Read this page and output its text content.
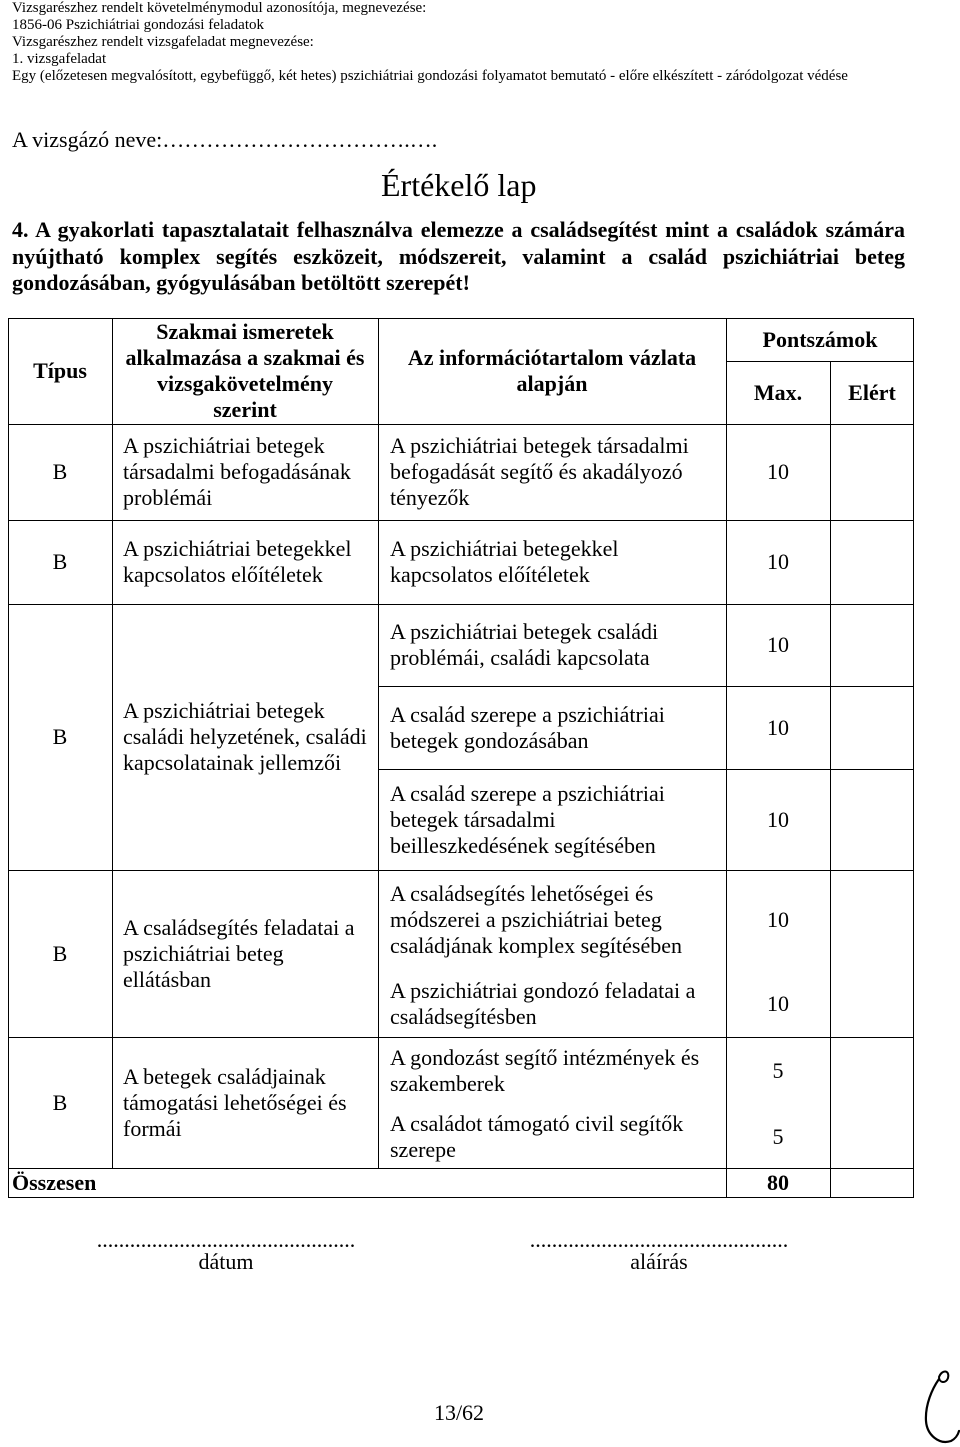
Vizsgarészhez rendelt követelménymodul azonosítója, megnevezése:
1856-06 Pszichiátriai gondozási feladatok
Vizsgarészhez rendelt vizsgafeladat megnevezése:
1. vizsgafeladat
Egy (előzetesen megvalósított, egybefüggő, két hetes) pszichiátriai gondozási folyamatot bemutató - előre elkészített - záródolgozat védése
A vizsgázó neve:…………………………….….
Értékelő lap
4. A gyakorlati tapasztalatait felhasználva elemezze a családsegítést mint a családok számára
nyújtható komplex segítés eszközeit, módszereit, valamint a család pszichiátriai beteg
gondozásában, gyógyulásában betöltött szerepét!
Típus
Szakmai ismeretek
alkalmazása a szakmai és
vizsgakövetelmény
szerint
Az információtartalom vázlata
alapján
Pontszámok
Max.	Elért
B
A pszichiátriai betegek
társadalmi befogadásának
problémái
A pszichiátriai betegek társadalmi
befogadását segítő és akadályozó
tényezők
10
B
A pszichiátriai betegekkel
kapcsolatos előítéletek
A pszichiátriai betegekkel
kapcsolatos előítéletek
10
B
A pszichiátriai betegek
családi helyzetének, családi
kapcsolatainak jellemzői
A pszichiátriai betegek családi
problémái, családi kapcsolata
10
A család szerepe a pszichiátriai
betegek gondozásában
10
A család szerepe a pszichiátriai
betegek társadalmi
beilleszkedésének segítésében
10
B
A családsegítés feladatai a
pszichiátriai beteg
ellátásban
A családsegítés lehetőségei és
módszerei a pszichiátriai beteg
családjának komplex segítésében
10
A pszichiátriai gondozó feladatai a
családsegítésben
10
B
A betegek családjainak
támogatási lehetőségei és
formái
A gondozást segítő intézmények és
szakemberek
5
A családot támogató civil segítők
szerepe
5
Összesen	80
...............................................
dátum
...............................................
aláírás
13/62
